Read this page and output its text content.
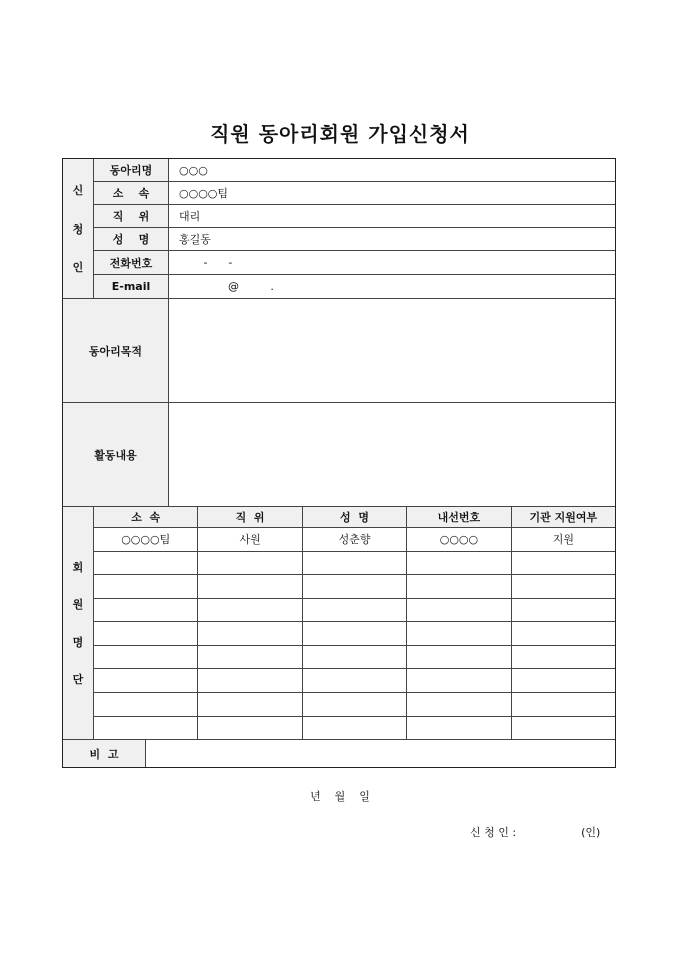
직원 동아리회원 가입신청서
신
청
인
동아리명	○○○
소    속	○○○○팀
직    위	대리
성    명	홍길동
전화번호	-      -
E-mail	@         .
동아리목적
활동내용
회
원
명
단
소  속	직  위	성  명	내선번호	기관 지원여부
○○○○팀	사원	성춘향	○○○○	지원
비  고
년    월    일
신 청 인 :	(인)
